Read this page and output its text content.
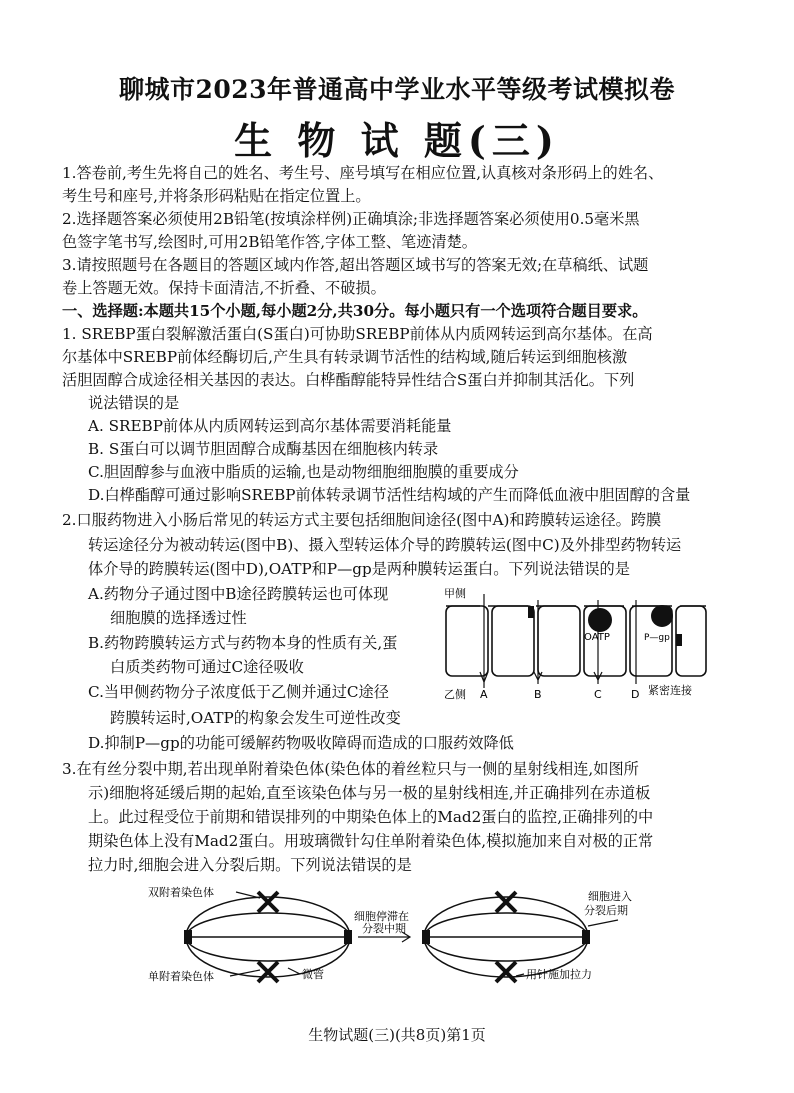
聊城市2023年普通高中学业水平等级考试模拟卷
生 物 试 题(三)
1.答卷前,考生先将自己的姓名、考生号、座号填写在相应位置,认真核对条形码上的姓名、
考生号和座号,并将条形码粘贴在指定位置上。
2.选择题答案必须使用2B铅笔(按填涂样例)正确填涂;非选择题答案必须使用0.5毫米黑
色签字笔书写,绘图时,可用2B铅笔作答,字体工整、笔迹清楚。
3.请按照题号在各题目的答题区域内作答,超出答题区域书写的答案无效;在草稿纸、试题
卷上答题无效。保持卡面清洁,不折叠、不破损。
一、选择题:本题共15个小题,每小题2分,共30分。每小题只有一个选项符合题目要求。
1. SREBP蛋白裂解激活蛋白(S蛋白)可协助SREBP前体从内质网转运到高尔基体。在高
尔基体中SREBP前体经酶切后,产生具有转录调节活性的结构域,随后转运到细胞核激
活胆固醇合成途径相关基因的表达。白桦酯醇能特异性结合S蛋白并抑制其活化。下列
说法错误的是
A. SREBP前体从内质网转运到高尔基体需要消耗能量
B. S蛋白可以调节胆固醇合成酶基因在细胞核内转录
C.胆固醇参与血液中脂质的运输,也是动物细胞细胞膜的重要成分
D.白桦酯醇可通过影响SREBP前体转录调节活性结构域的产生而降低血液中胆固醇的含量
2.口服药物进入小肠后常见的转运方式主要包括细胞间途径(图中A)和跨膜转运途径。跨膜
转运途径分为被动转运(图中B)、摄入型转运体介导的跨膜转运(图中C)及外排型药物转运
体介导的跨膜转运(图中D),OATP和P—gp是两种膜转运蛋白。下列说法错误的是
A.药物分子通过图中B途径跨膜转运也可体现
细胞膜的选择透过性
B.药物跨膜转运方式与药物本身的性质有关,蛋
白质类药物可通过C途径吸收
C.当甲侧药物分子浓度低于乙侧并通过C途径
跨膜转运时,OATP的构象会发生可逆性改变
D.抑制P—gp的功能可缓解药物吸收障碍而造成的口服药效降低
甲侧
乙侧 A	B	C	D
OATP	P—gp
紧密连接
3.在有丝分裂中期,若出现单附着染色体(染色体的着丝粒只与一侧的星射线相连,如图所
示)细胞将延缓后期的起始,直至该染色体与另一极的星射线相连,并正确排列在赤道板
上。此过程受位于前期和错误排列的中期染色体上的Mad2蛋白的监控,正确排列的中
期染色体上没有Mad2蛋白。用玻璃微针勾住单附着染色体,模拟施加来自对极的正常
拉力时,细胞会进入分裂后期。下列说法错误的是
双附着染色体
单附着染色体	微管
细胞停滞在
分裂中期
细胞进入
分裂后期
用针施加拉力
生物试题(三)(共8页)第1页
